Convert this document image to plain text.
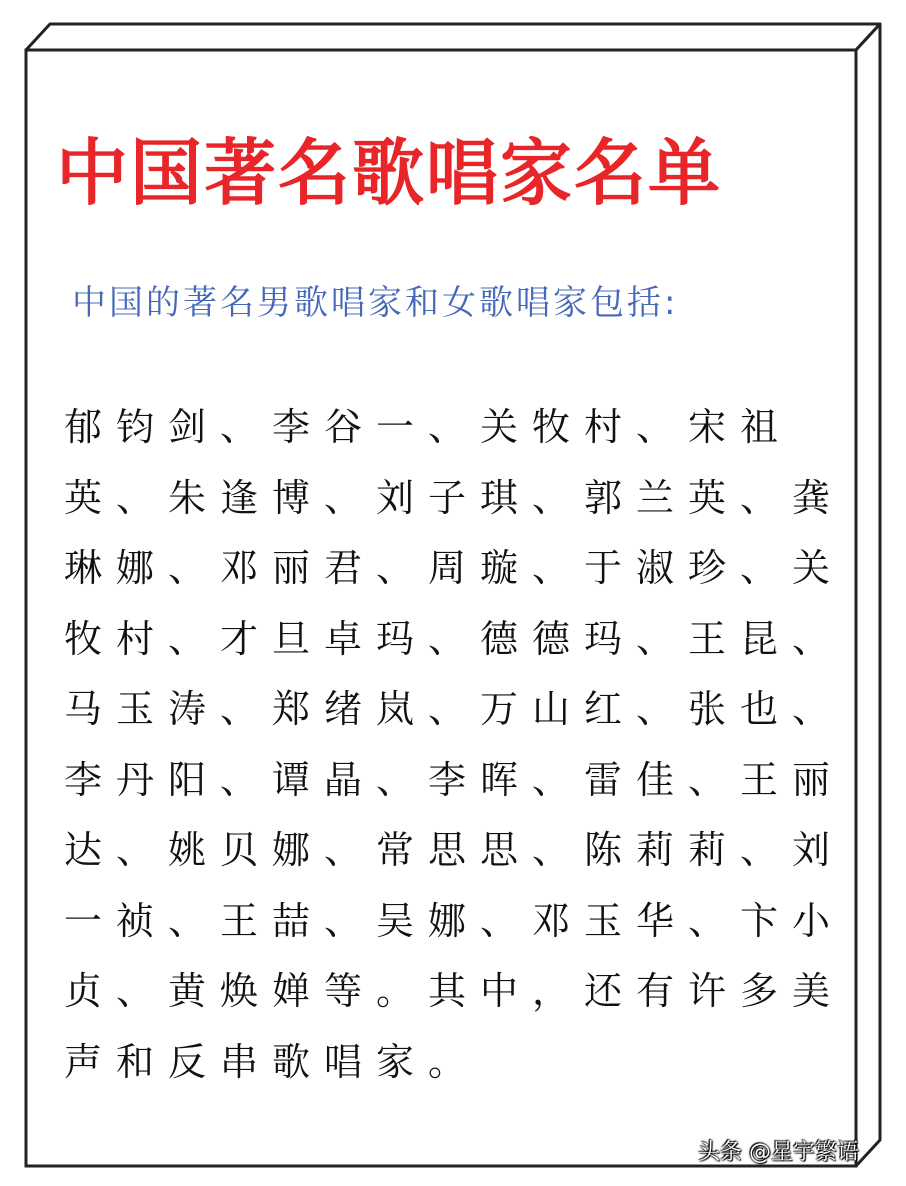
中国著名歌唱家名单
中国的著名男歌唱家和女歌唱家包括:
郁钧剑、李谷一、关牧村、宋祖
英、朱逢博、刘子琪、郭兰英、龚
琳娜、邓丽君、周璇、于淑珍、关
牧村、才旦卓玛、德德玛、王昆、
马玉涛、郑绪岚、万山红、张也、
李丹阳、谭晶、李晖、雷佳、王丽
达、姚贝娜、常思思、陈莉莉、刘
一祯、王喆、吴娜、邓玉华、卞小
贞、黄焕婵等。其中，还有许多美
声和反串歌唱家。
头条 @星宇繁语
